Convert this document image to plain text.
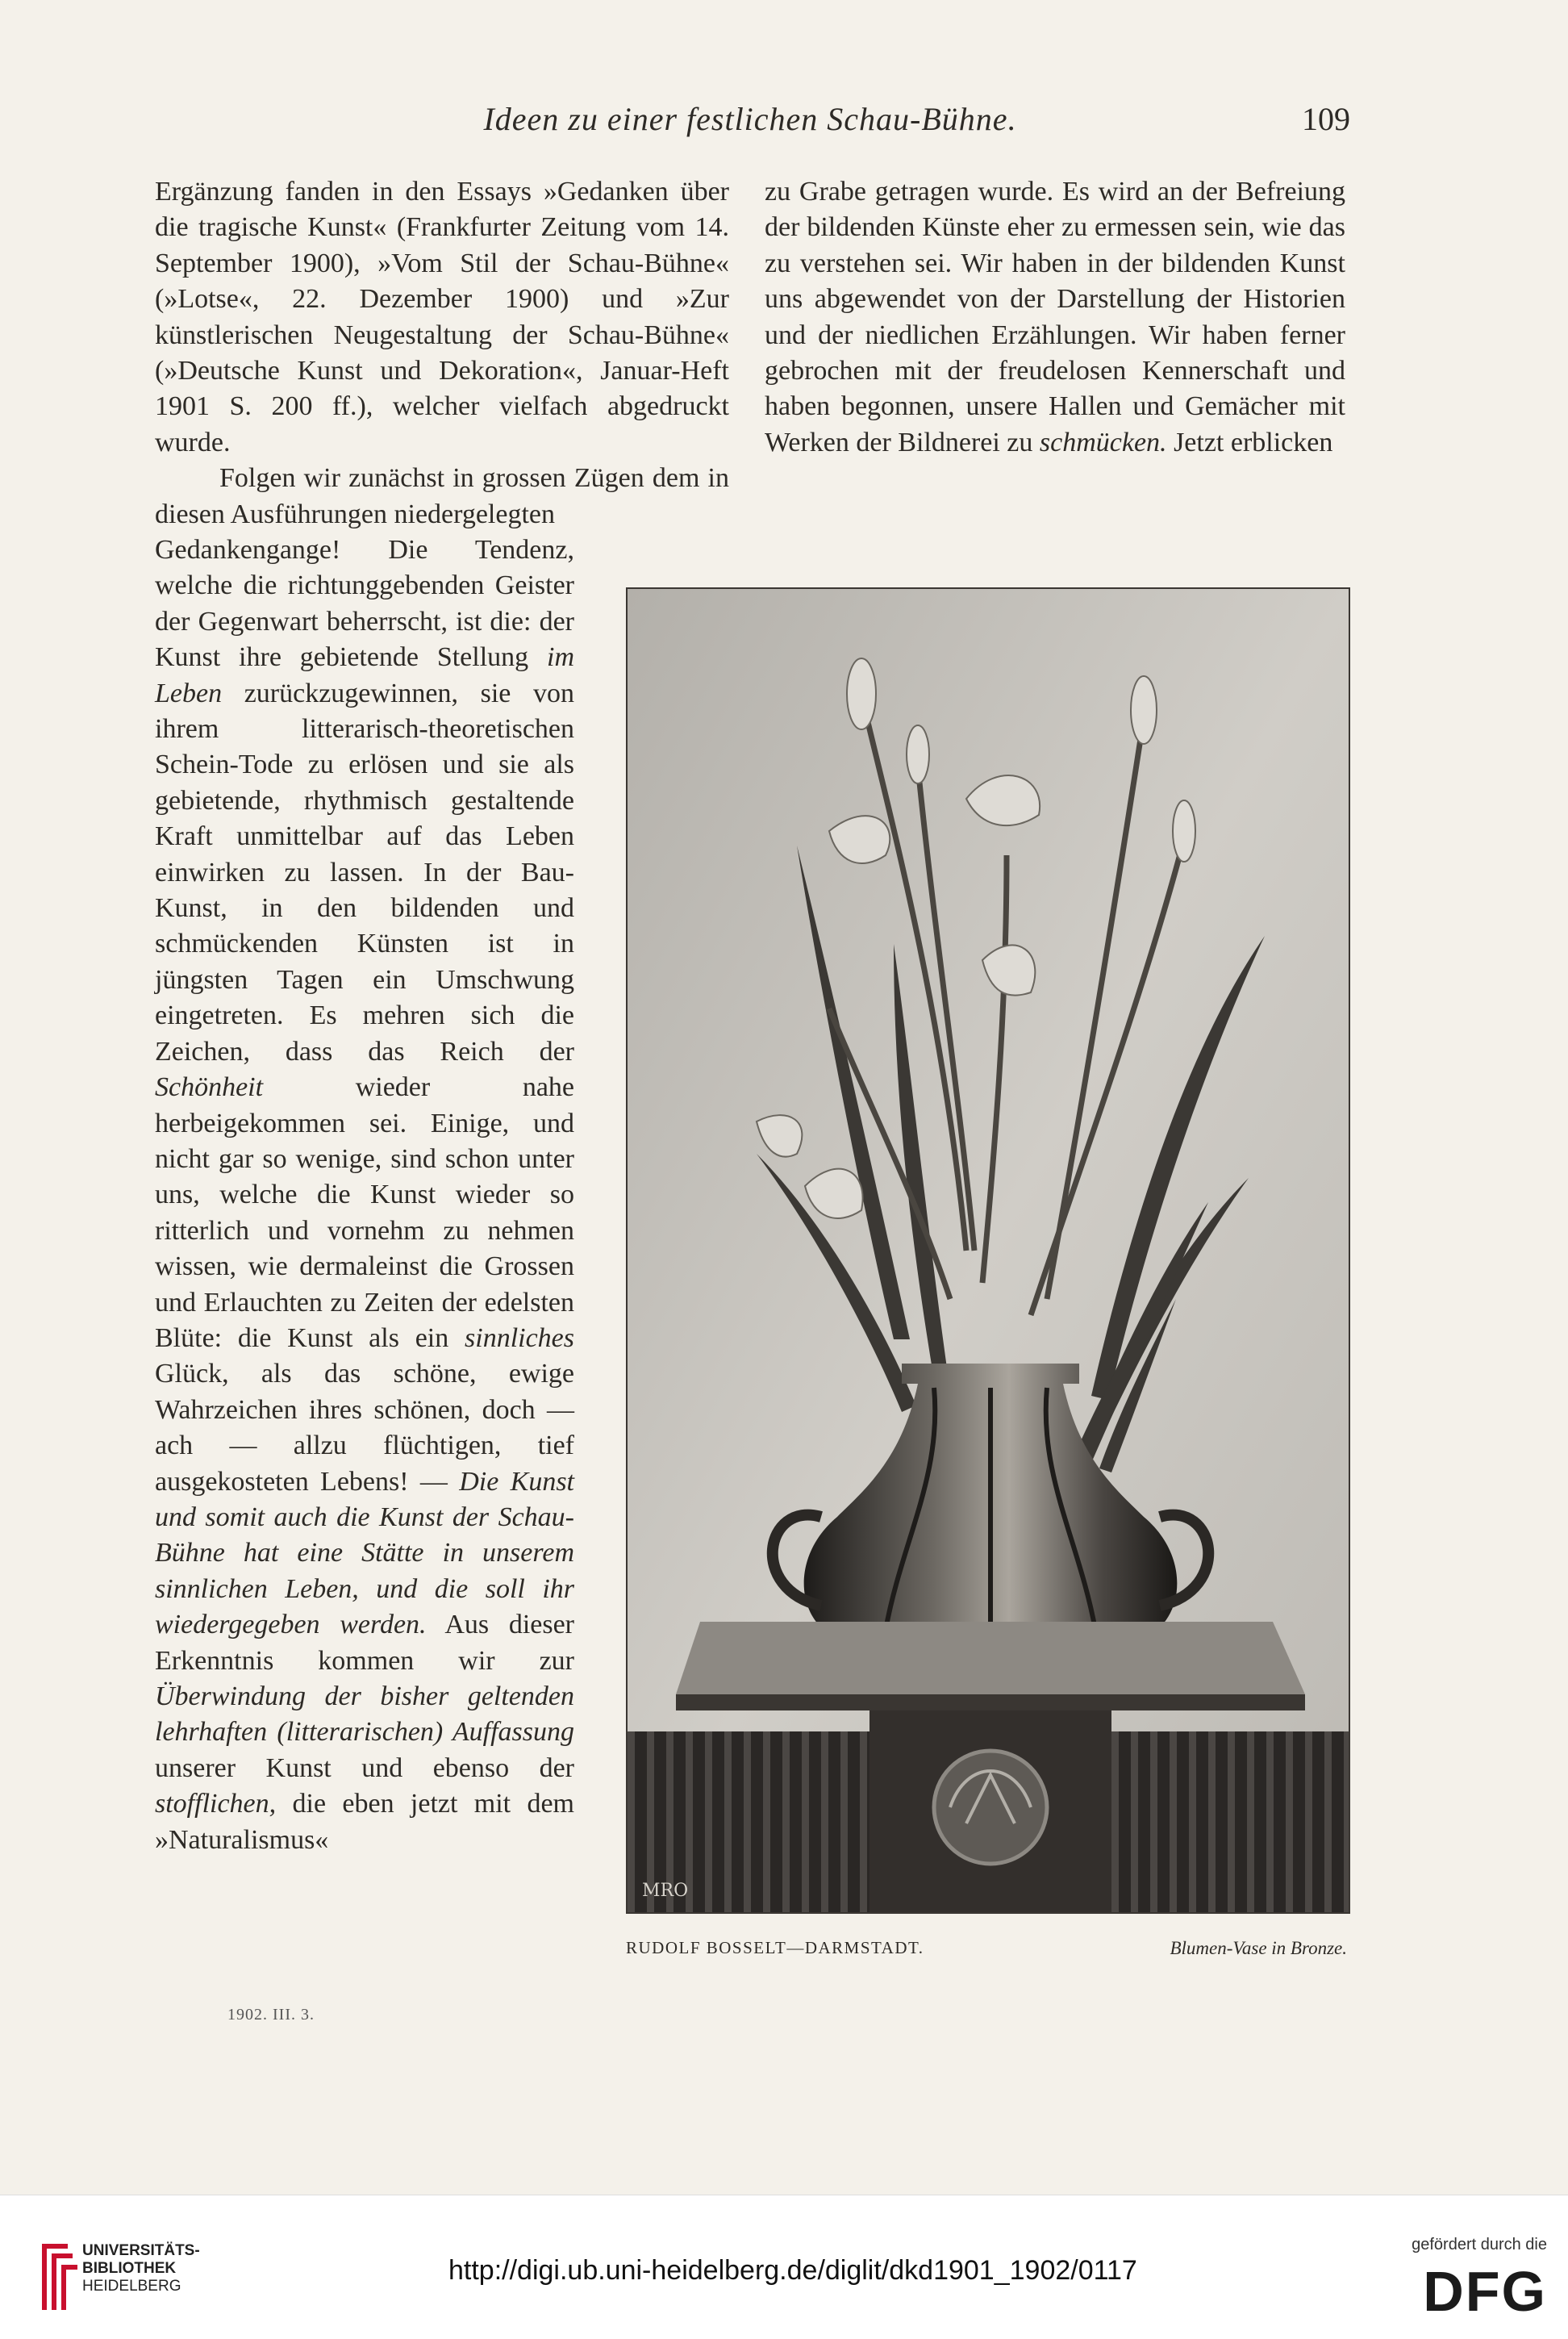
Ideen zu einer festlichen Schau-Bühne.	109

Ergänzung fanden in den Essays »Gedanken über die tragische Kunst« (Frankfurter Zeitung vom 14. September 1900), »Vom Stil der Schau-Bühne« (»Lotse«, 22. Dezember 1900) und »Zur künstlerischen Neugestaltung der Schau-Bühne« (»Deutsche Kunst und Dekoration«, Januar-Heft 1901 S. 200 ff.), welcher vielfach abgedruckt wurde.

Folgen wir zunächst in grossen Zügen dem in diesen Ausführungen niedergelegten

Gedankengange! Die Tendenz, welche die richtunggebenden Geister der Gegenwart beherrscht, ist die: der Kunst ihre gebietende Stellung im Leben zurückzugewinnen, sie von ihrem litterarisch-theoretischen Schein-Tode zu erlösen und sie als gebietende, rhythmisch gestaltende Kraft unmittelbar auf das Leben einwirken zu lassen. In der Bau-Kunst, in den bildenden und schmückenden Künsten ist in jüngsten Tagen ein Umschwung eingetreten. Es mehren sich die Zeichen, dass das Reich der Schönheit wieder nahe herbeigekommen sei. Einige, und nicht gar so wenige, sind schon unter uns, welche die Kunst wieder so ritterlich und vornehm zu nehmen wissen, wie dermaleinst die Grossen und Erlauchten zu Zeiten der edelsten Blüte: die Kunst als ein sinnliches Glück, als das schöne, ewige Wahrzeichen ihres schönen, doch — ach — allzu flüchtigen, tief ausgekosteten Lebens! — Die Kunst und somit auch die Kunst der Schau-Bühne hat eine Stätte in unserem sinnlichen Leben, und die soll ihr wiedergegeben werden. Aus dieser Erkenntnis kommen wir zur Überwindung der bisher geltenden lehrhaften (litterarischen) Auffassung unserer Kunst und ebenso der stofflichen, die eben jetzt mit dem »Naturalismus«

zu Grabe getragen wurde. Es wird an der Befreiung der bildenden Künste eher zu ermessen sein, wie das zu verstehen sei. Wir haben in der bildenden Kunst uns abgewendet von der Darstellung der Historien und der niedlichen Erzählungen. Wir haben ferner gebrochen mit der freudelosen Kennerschaft und haben begonnen, unsere Hallen und Gemächer mit Werken der Bildnerei zu schmücken. Jetzt erblicken

MRO
RUDOLF BOSSELT—DARMSTADT.	Blumen-Vase in Bronze.
1902. III. 3.
UNIVERSITÄTS-
BIBLIOTHEK
HEIDELBERG
http://digi.ub.uni-heidelberg.de/diglit/dkd1901_1902/0117
gefördert durch die
DFG
